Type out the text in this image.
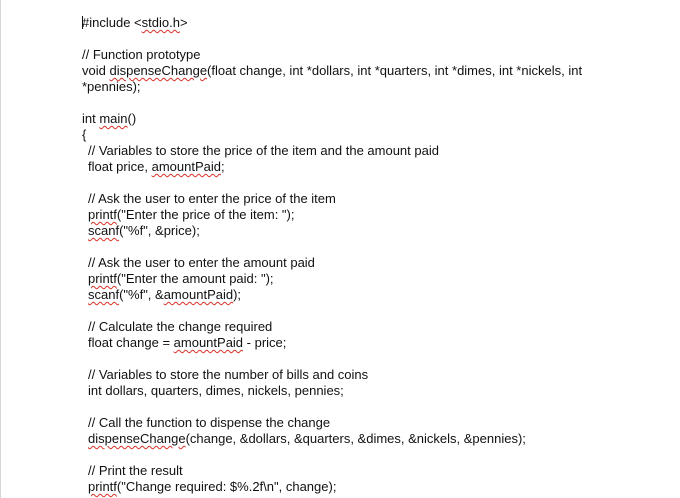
#include <stdio.h>
// Function prototype
void dispenseChange(float change, int *dollars, int *quarters, int *dimes, int *nickels, int
*pennies);
int main()
{
// Variables to store the price of the item and the amount paid
float price, amountPaid;
// Ask the user to enter the price of the item
printf("Enter the price of the item: ");
scanf("%f", &price);
// Ask the user to enter the amount paid
printf("Enter the amount paid: ");
scanf("%f", &amountPaid);
// Calculate the change required
float change = amountPaid - price;
// Variables to store the number of bills and coins
int dollars, quarters, dimes, nickels, pennies;
// Call the function to dispense the change
dispenseChange(change, &dollars, &quarters, &dimes, &nickels, &pennies);
// Print the result
printf("Change required: $%.2f\n", change);
